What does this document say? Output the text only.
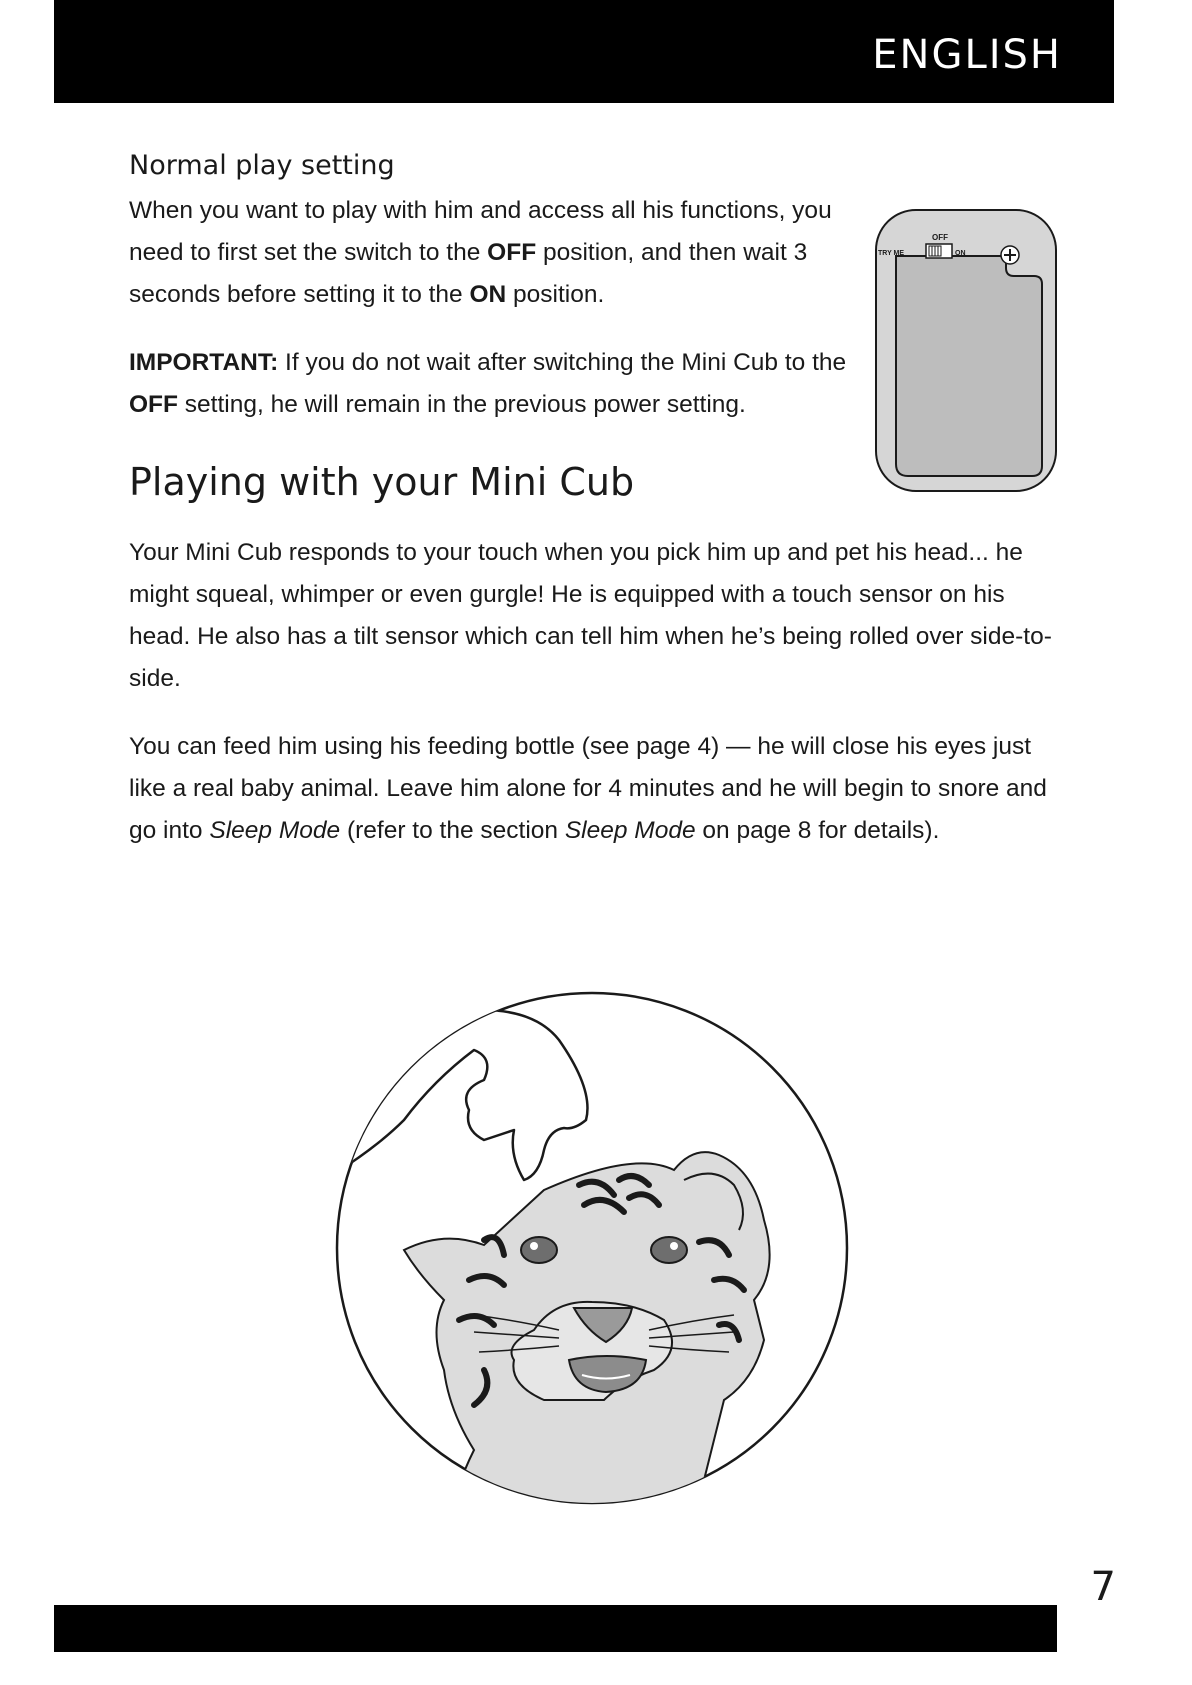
ENGLISH
Normal play setting

When you want to play with him and access all his functions, you need to first set the switch to the OFF position, and then wait 3 seconds before setting it to the ON position.

IMPORTANT: If you do not wait after switching the Mini Cub to the OFF setting, he will remain in the previous power setting.

OFF
TRY ME	ON
Playing with your Mini Cub

Your Mini Cub responds to your touch when you pick him up and pet his head... he might squeal, whimper or even gurgle! He is equipped with a touch sensor on his head. He also has a tilt sensor which can tell him when he’s being rolled over side-to-side.

You can feed him using his feeding bottle (see page 4) — he will close his eyes just like a real baby animal. Leave him alone for 4 minutes and he will begin to snore and go into Sleep Mode (refer to the section Sleep Mode on page 8 for details).

7
